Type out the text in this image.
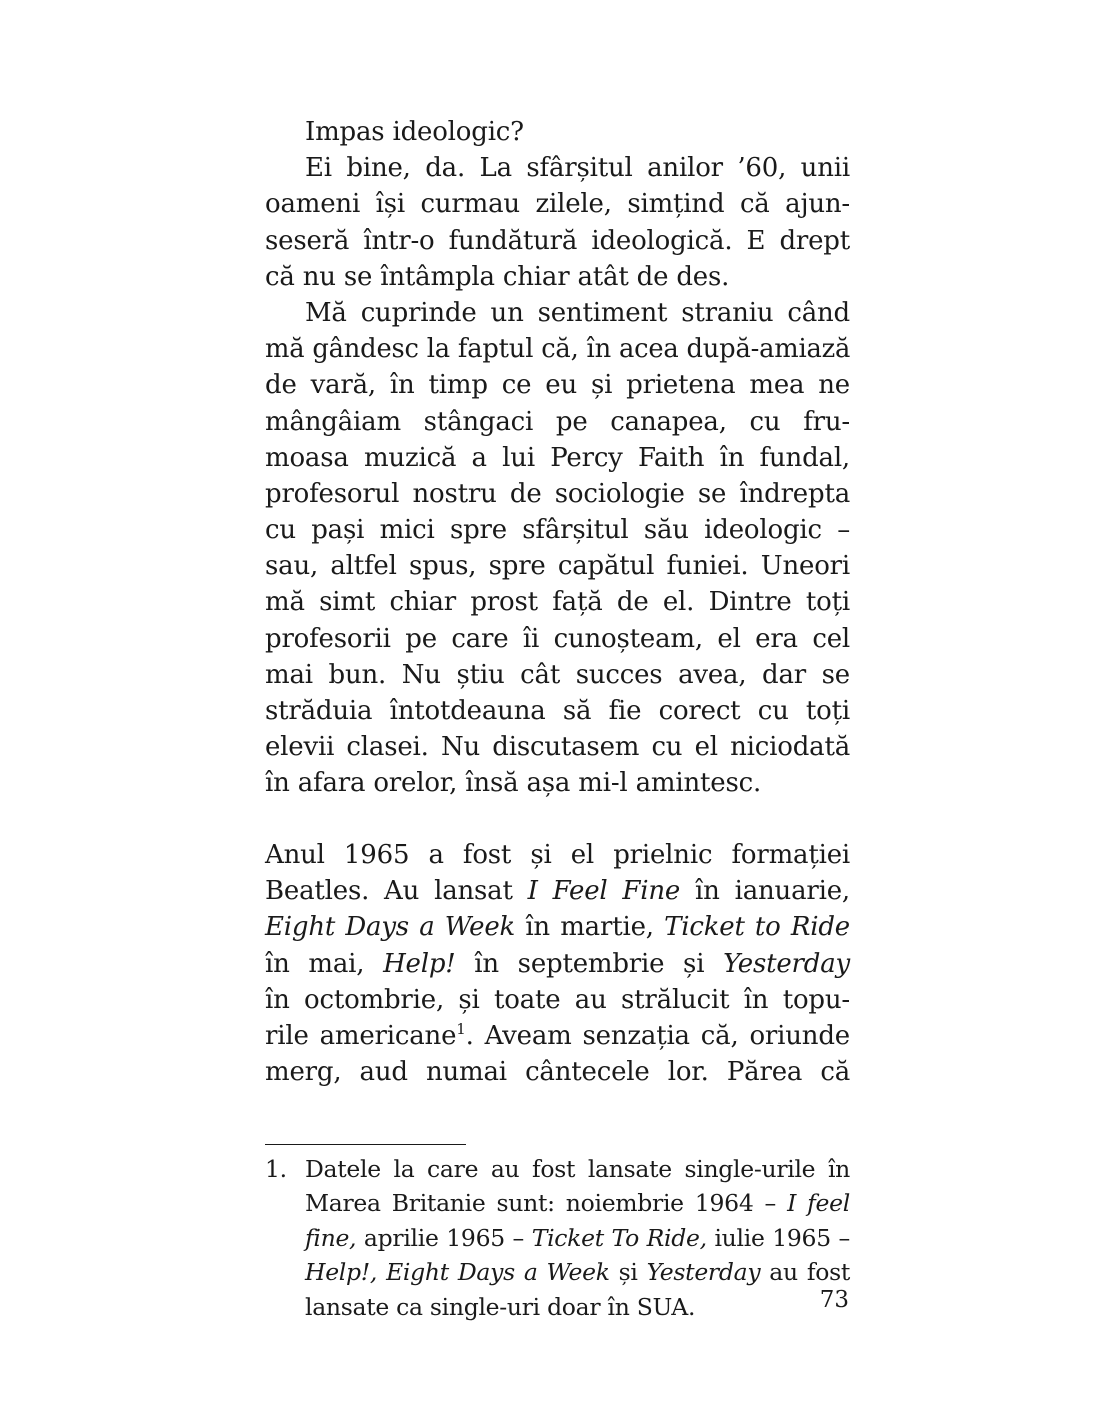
Impas ideologic?
Ei bine, da. La sfârșitul anilor ’60, unii
oameni își curmau zilele, simțind că ajun-
seseră într-o fundătură ideologică. E drept
că nu se întâmpla chiar atât de des.
Mă cuprinde un sentiment straniu când
mă gândesc la faptul că, în acea după-amiază
de vară, în timp ce eu și prietena mea ne
mângâiam stângaci pe canapea, cu fru-
moasa muzică a lui Percy Faith în fundal,
profesorul nostru de sociologie se îndrepta
cu pași mici spre sfârșitul său ideologic –
sau, altfel spus, spre capătul funiei. Uneori
mă simt chiar prost față de el. Dintre toți
profesorii pe care îi cunoșteam, el era cel
mai bun. Nu știu cât succes avea, dar se
străduia întotdeauna să fie corect cu toți
elevii clasei. Nu discutasem cu el niciodată
în afara orelor, însă așa mi-l amintesc.
Anul 1965 a fost și el prielnic formației
Beatles. Au lansat I Feel Fine în ianuarie,
Eight Days a Week în martie, Ticket to Ride
în mai, Help! în septembrie și Yesterday
în octombrie, și toate au strălucit în topu-
rile americane$^1$. Aveam senzația că, oriunde
merg, aud numai cântecele lor. Părea că
1. Datele la care au fost lansate single-urile în
Marea Britanie sunt: noiembrie 1964 – I feel
fine, aprilie 1965 – Ticket To Ride, iulie 1965 –
Help!, Eight Days a Week și Yesterday au fost
lansate ca single-uri doar în SUA.	73
